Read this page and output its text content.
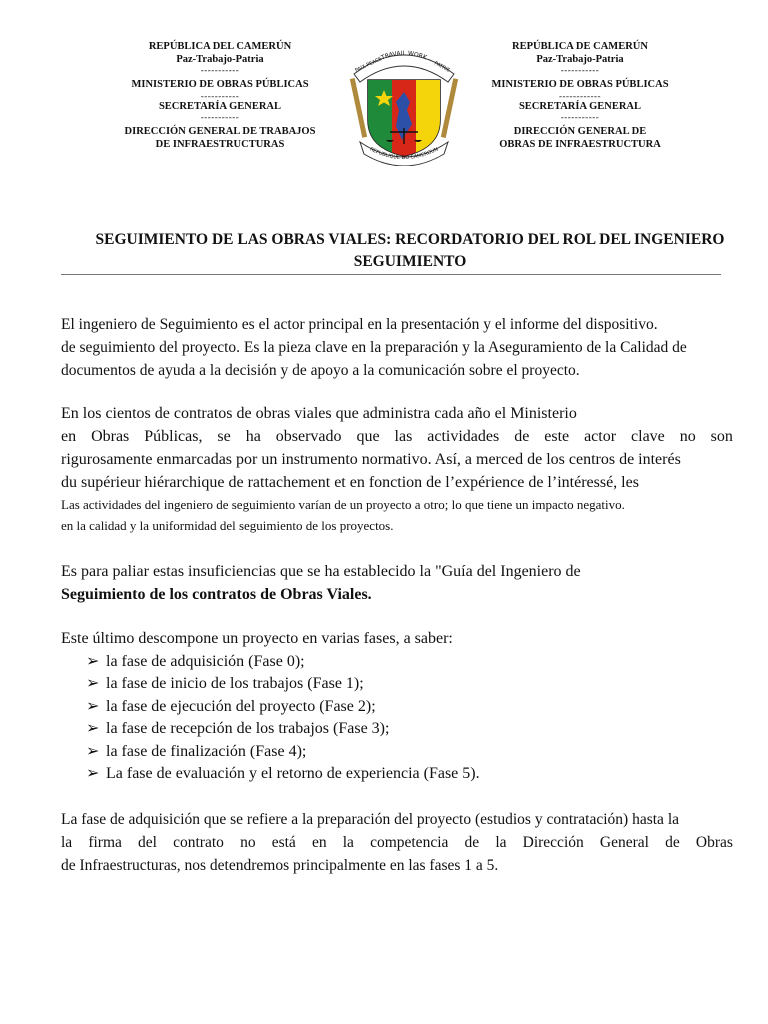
REPÚBLICA DEL CAMERÚN
Paz-Trabajo-Patria
-----------
MINISTERIO DE OBRAS PÚBLICAS
-----------
SECRETARÍA GENERAL
-----------
DIRECCIÓN GENERAL DE TRABAJOS
DE INFRAESTRUCTURAS
TRAVAIL WORK
PAIX PEACE	PATRIE
REPUBLIQUE DU CAMEROUN
REPÚBLICA DE CAMERÚN
Paz-Trabajo-Patria
-----------
MINISTERIO DE OBRAS PÚBLICAS
------------
SECRETARÍA GENERAL
-----------
DIRECCIÓN GENERAL DE
OBRAS DE INFRAESTRUCTURA
SEGUIMIENTO DE LAS OBRAS VIALES: RECORDATORIO DEL ROL DEL INGENIERO
SEGUIMIENTO
El ingeniero de Seguimiento es el actor principal en la presentación y el informe del dispositivo.
de seguimiento del proyecto. Es la pieza clave en la preparación y la Aseguramiento de la Calidad de
documentos de ayuda a la decisión y de apoyo a la comunicación sobre el proyecto.
En los cientos de contratos de obras viales que administra cada año el Ministerio
en Obras Públicas, se ha observado que las actividades de este actor clave no son
rigurosamente enmarcadas por un instrumento normativo. Así, a merced de los centros de interés
du supérieur hiérarchique de rattachement et en fonction de l’expérience de l’intéressé, les
Las actividades del ingeniero de seguimiento varían de un proyecto a otro; lo que tiene un impacto negativo.
en la calidad y la uniformidad del seguimiento de los proyectos.
Es para paliar estas insuficiencias que se ha establecido la "Guía del Ingeniero de
Seguimiento de los contratos de Obras Viales.
Este último descompone un proyecto en varias fases, a saber:
➢ la fase de adquisición (Fase 0);
➢ la fase de inicio de los trabajos (Fase 1);
➢ la fase de ejecución del proyecto (Fase 2);
➢ la fase de recepción de los trabajos (Fase 3);
➢ la fase de finalización (Fase 4);
➢ La fase de evaluación y el retorno de experiencia (Fase 5).
La fase de adquisición que se refiere a la preparación del proyecto (estudios y contratación) hasta la
la firma del contrato no está en la competencia de la Dirección General de Obras
de Infraestructuras, nos detendremos principalmente en las fases 1 a 5.
